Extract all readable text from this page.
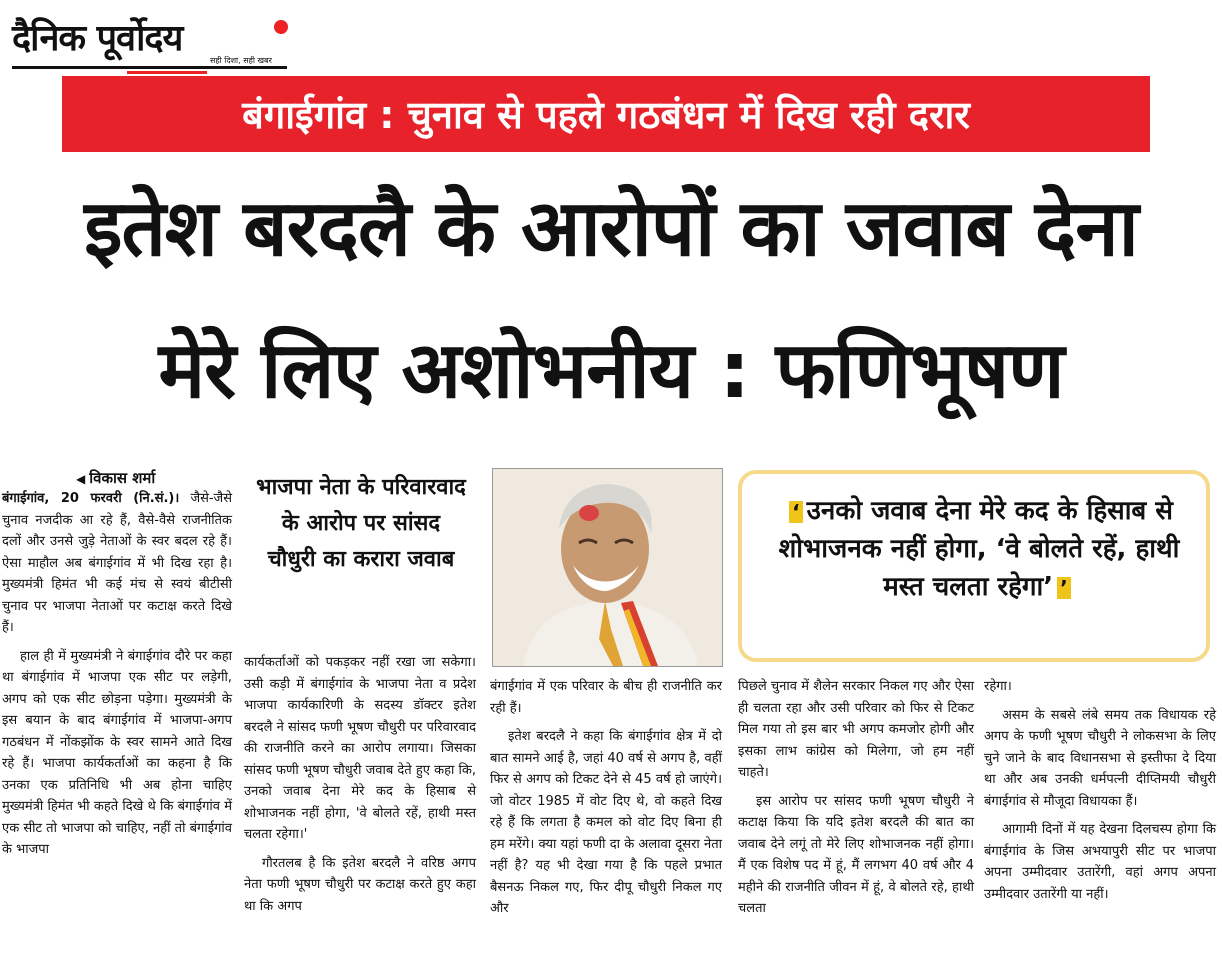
दैनिक पूर्वोदय
सही दिशा, सही खबर
बंगाईगांव : चुनाव से पहले गठबंधन में दिख रही दरार
इतेश बरदलै के आरोपों का जवाब देना
मेरे लिए अशोभनीय : फणिभूषण
◀ विकास शर्मा

बंगाईगांव, 20 फरवरी (नि.सं.)। जैसे-जैसे चुनाव नजदीक आ रहे हैं, वैसे-वैसे राजनीतिक दलों और उनसे जुड़े नेताओं के स्वर बदल रहे हैं। ऐसा माहौल अब बंगाईगांव में भी दिख रहा है। मुख्यमंत्री हिमंत भी कई मंच से स्वयं बीटीसी चुनाव पर भाजपा नेताओं पर कटाक्ष करते दिखे हैं।

हाल ही में मुख्यमंत्री ने बंगाईगांव दौरे पर कहा था बंगाईगांव में भाजपा एक सीट पर लड़ेगी, अगप को एक सीट छोड़ना पड़ेगा। मुख्यमंत्री के इस बयान के बाद बंगाईगांव में भाजपा-अगप गठबंधन में नोंकझोंक के स्वर सामने आते दिख रहे हैं। भाजपा कार्यकर्ताओं का कहना है कि उनका एक प्रतिनिधि भी अब होना चाहिए मुख्यमंत्री हिमंत भी कहते दिखे थे कि बंगाईगांव में एक सीट तो भाजपा को चाहिए, नहीं तो बंगाईगांव के भाजपा

भाजपा नेता के परिवारवाद के आरोप पर सांसद चौधुरी का करारा जवाब

कार्यकर्ताओं को पकड़कर नहीं रखा जा सकेगा। उसी कड़ी में बंगाईगांव के भाजपा नेता व प्रदेश भाजपा कार्यकारिणी के सदस्य डॉक्टर इतेश बरदलै ने सांसद फणी भूषण चौधुरी पर परिवारवाद की राजनीति करने का आरोप लगाया। जिसका सांसद फणी भूषण चौधुरी जवाब देते हुए कहा कि, उनको जवाब देना मेरे कद के हिसाब से शोभाजनक नहीं होगा, 'वे बोलते रहें, हाथी मस्त चलता रहेगा।'

गौरतलब है कि इतेश बरदलै ने वरिष्ठ अगप नेता फणी भूषण चौधुरी पर कटाक्ष करते हुए कहा था कि अगप

बंगाईगांव में एक परिवार के बीच ही राजनीति कर रही हैं।

इतेश बरदलै ने कहा कि बंगाईगांव क्षेत्र में दो बात सामने आई है, जहां 40 वर्ष से अगप है, वहीं फिर से अगप को टिकट देने से 45 वर्ष हो जाएंगे। जो वोटर 1985 में वोट दिए थे, वो कहते दिख रहे हैं कि लगता है कमल को वोट दिए बिना ही हम मरेंगे। क्या यहां फणी दा के अलावा दूसरा नेता नहीं है? यह भी देखा गया है कि पहले प्रभात बैसनऊ निकल गए, फिर दीपू चौधुरी निकल गए और

‘ उनको जवाब देना मेरे कद के हिसाब से शोभाजनक नहीं होगा, ‘वे बोलते रहें, हाथी मस्त चलता रहेगा’ ’

पिछले चुनाव में शैलेन सरकार निकल गए और ऐसा ही चलता रहा और उसी परिवार को फिर से टिकट मिल गया तो इस बार भी अगप कमजोर होगी और इसका लाभ कांग्रेस को मिलेगा, जो हम नहीं चाहते।

इस आरोप पर सांसद फणी भूषण चौधुरी ने कटाक्ष किया कि यदि इतेश बरदलै की बात का जवाब देने लगूं तो मेरे लिए शोभाजनक नहीं होगा। मैं एक विशेष पद में हूं, मैं लगभग 40 वर्ष और 4 महीने की राजनीति जीवन में हूं, वे बोलते रहे, हाथी चलता

रहेगा।

असम के सबसे लंबे समय तक विधायक रहे अगप के फणी भूषण चौधुरी ने लोकसभा के लिए चुने जाने के बाद विधानसभा से इस्तीफा दे दिया था और अब उनकी धर्मपत्नी दीप्तिमयी चौधुरी बंगाईगांव से मौजूदा विधायका हैं।

आगामी दिनों में यह देखना दिलचस्प होगा कि बंगाईगांव के जिस अभयापुरी सीट पर भाजपा अपना उम्मीदवार उतारेंगी, वहां अगप अपना उम्मीदवार उतारेंगी या नहीं।
